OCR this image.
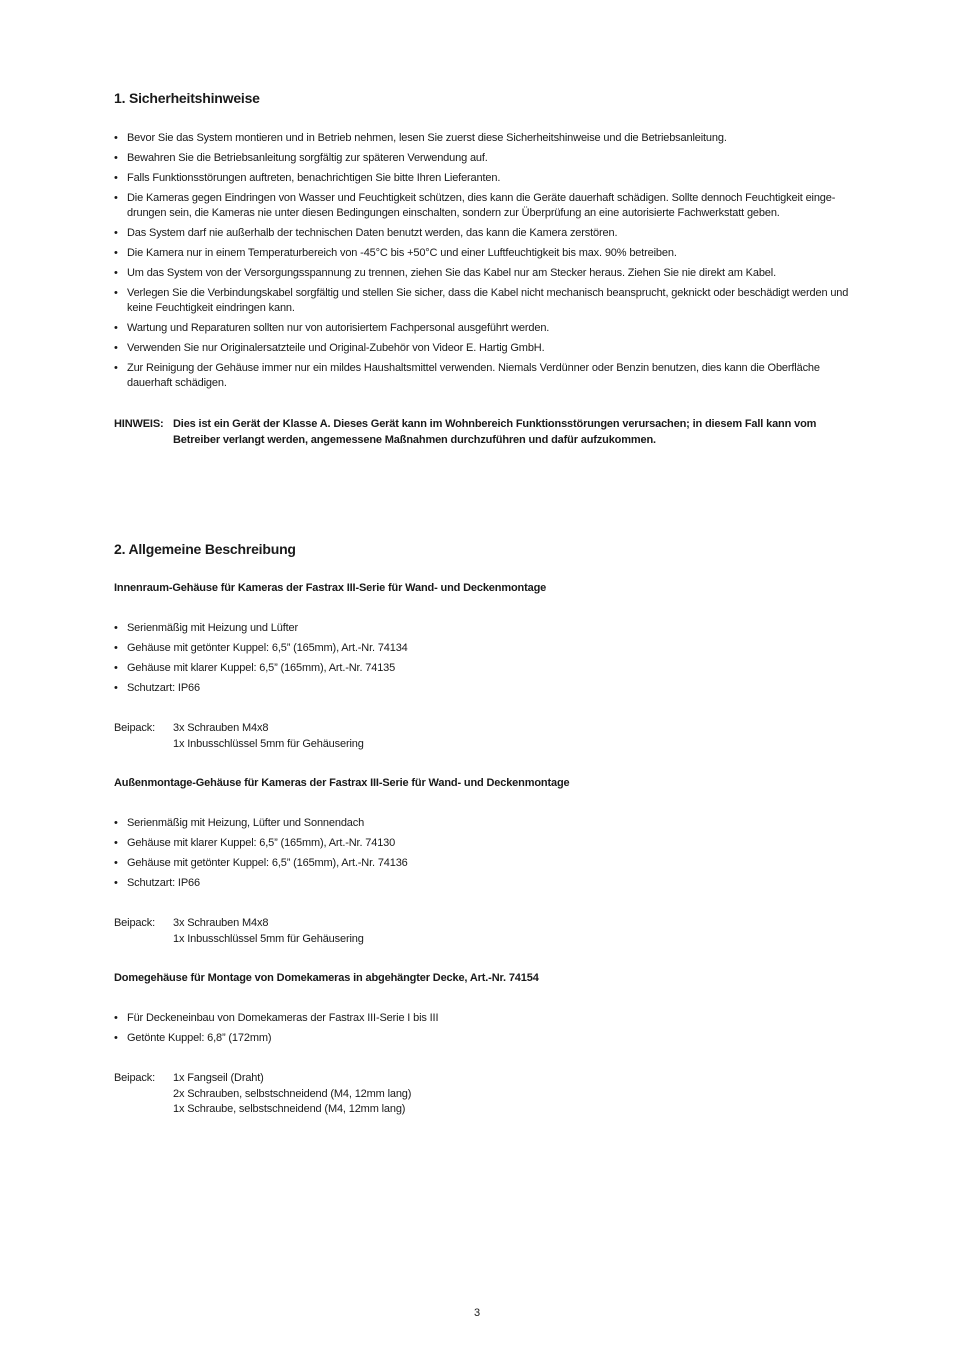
1. Sicherheitshinweise
• Bevor Sie das System montieren und in Betrieb nehmen, lesen Sie zuerst diese Sicherheitshinweise und die Betriebsanleitung.
• Bewahren Sie die Betriebsanleitung sorgfältig zur späteren Verwendung auf.
• Falls Funktionsstörungen auftreten, benachrichtigen Sie bitte Ihren Lieferanten.
• Die Kameras gegen Eindringen von Wasser und Feuchtigkeit schützen, dies kann die Geräte dauerhaft schädigen. Sollte dennoch Feuchtigkeit einge-drungen sein, die Kameras nie unter diesen Bedingungen einschalten, sondern zur Überprüfung an eine autorisierte Fachwerkstatt geben.
• Das System darf nie außerhalb der technischen Daten benutzt werden, das kann die Kamera zerstören.
• Die Kamera nur in einem Temperaturbereich von -45°C bis +50°C und einer Luftfeuchtigkeit bis max. 90% betreiben.
• Um das System von der Versorgungsspannung zu trennen, ziehen Sie das Kabel nur am Stecker heraus. Ziehen Sie nie direkt am Kabel.
• Verlegen Sie die Verbindungskabel sorgfältig und stellen Sie sicher, dass die Kabel nicht mechanisch beansprucht, geknickt oder beschädigt werden und keine Feuchtigkeit eindringen kann.
• Wartung und Reparaturen sollten nur von autorisiertem Fachpersonal ausgeführt werden.
• Verwenden Sie nur Originalersatzteile und Original-Zubehör von Videor E. Hartig GmbH.
• Zur Reinigung der Gehäuse immer nur ein mildes Haushaltsmittel verwenden. Niemals Verdünner oder Benzin benutzen, dies kann die Oberfläche dauerhaft schädigen.
HINWEIS: Dies ist ein Gerät der Klasse A. Dieses Gerät kann im Wohnbereich Funktionsstörungen verursachen; in diesem Fall kann vom Betreiber verlangt werden, angemessene Maßnahmen durchzuführen und dafür aufzukommen.
2. Allgemeine Beschreibung
Innenraum-Gehäuse für Kameras der Fastrax III-Serie für Wand- und Deckenmontage
• Serienmäßig mit Heizung und Lüfter
• Gehäuse mit getönter Kuppel: 6,5” (165mm), Art.-Nr. 74134
• Gehäuse mit klarer Kuppel: 6,5” (165mm), Art.-Nr. 74135
• Schutzart: IP66
Beipack: 3x Schrauben M4x8
1x Inbusschlüssel 5mm für Gehäusering
Außenmontage-Gehäuse für Kameras der Fastrax III-Serie für Wand- und Deckenmontage
• Serienmäßig mit Heizung, Lüfter und Sonnendach
• Gehäuse mit klarer Kuppel: 6,5” (165mm), Art.-Nr. 74130
• Gehäuse mit getönter Kuppel: 6,5” (165mm), Art.-Nr. 74136
• Schutzart: IP66
Beipack: 3x Schrauben M4x8
1x Inbusschlüssel 5mm für Gehäusering
Domegehäuse für Montage von Domekameras in abgehängter Decke, Art.-Nr. 74154
• Für Deckeneinbau von Domekameras der Fastrax III-Serie I bis III
• Getönte Kuppel: 6,8” (172mm)
Beipack: 1x Fangseil (Draht)
2x Schrauben, selbstschneidend (M4, 12mm lang)
1x Schraube, selbstschneidend (M4, 12mm lang)
3
